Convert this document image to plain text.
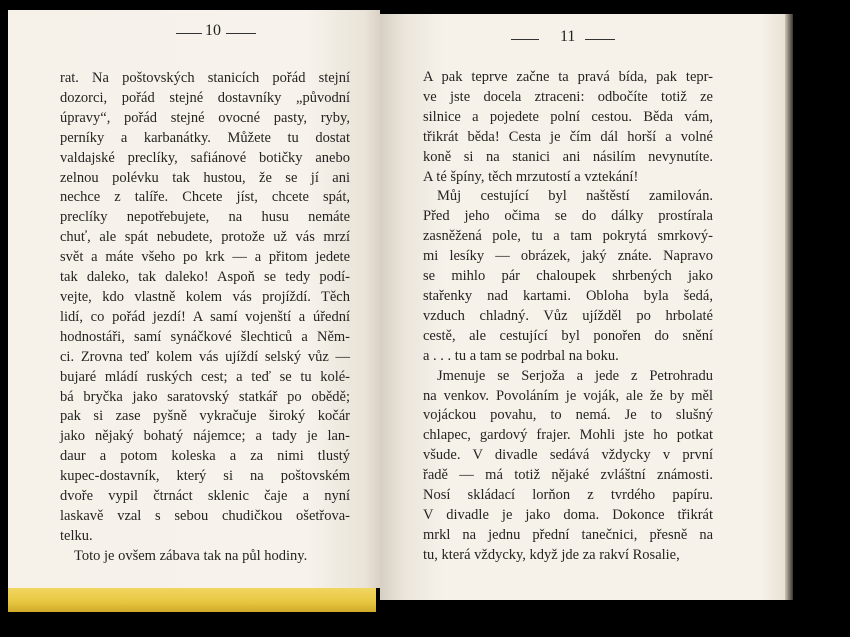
10
rat. Na poštovských stanicích pořád stejní
dozorci, pořád stejné dostavníky „původní
úpravy“, pořád stejné ovocné pasty, ryby,
perníky a karbanátky. Můžete tu dostat
valdajské preclíky, safiánové botičky anebo
zelnou polévku tak hustou, že se jí ani
nechce z talíře. Chcete jíst, chcete spát,
preclíky nepotřebujete, na husu nemáte
chuť, ale spát nebudete, protože už vás mrzí
svět a máte všeho po krk — a přitom jedete
tak daleko, tak daleko! Aspoň se tedy podí-
vejte, kdo vlastně kolem vás projíždí. Těch
lidí, co pořád jezdí! A samí vojenští a úřední
hodnostáři, samí synáčkové šlechticů a Něm-
ci. Zrovna teď kolem vás ujíždí selský vůz —
bujaré mládí ruských cest; a teď se tu kolé-
bá bryčka jako saratovský statkář po obědě;
pak si zase pyšně vykračuje široký kočár
jako nějaký bohatý nájemce; a tady je lan-
daur a potom koleska a za nimi tlustý
kupec-dostavník, který si na poštovském
dvoře vypil čtrnáct sklenic čaje a nyní
laskavě vzal s sebou chudičkou ošetřova-
telku.
Toto je ovšem zábava tak na půl hodiny.
11
A pak teprve začne ta pravá bída, pak tepr-
ve jste docela ztraceni: odbočíte totiž ze
silnice a pojedete polní cestou. Běda vám,
třikrát běda! Cesta je čím dál horší a volné
koně si na stanici ani násilím nevynutíte.
A té špíny, těch mrzutostí a vztekání!
Můj cestující byl naštěstí zamilován.
Před jeho očima se do dálky prostírala
zasněžená pole, tu a tam pokrytá smrkový-
mi lesíky — obrázek, jaký znáte. Napravo
se mihlo pár chaloupek shrbených jako
stařenky nad kartami. Obloha byla šedá,
vzduch chladný. Vůz ujížděl po hrbolaté
cestě, ale cestující byl ponořen do snění
a . . . tu a tam se podrbal na boku.
Jmenuje se Serjoža a jede z Petrohradu
na venkov. Povoláním je voják, ale že by měl
vojáckou povahu, to nemá. Je to slušný
chlapec, gardový frajer. Mohli jste ho potkat
všude. V divadle sedává vždycky v první
řadě — má totiž nějaké zvláštní známosti.
Nosí skládací lorňon z tvrdého papíru.
V divadle je jako doma. Dokonce třikrát
mrkl na jednu přední tanečnici, přesně na
tu, která vždycky, když jde za rakví Rosalie,
